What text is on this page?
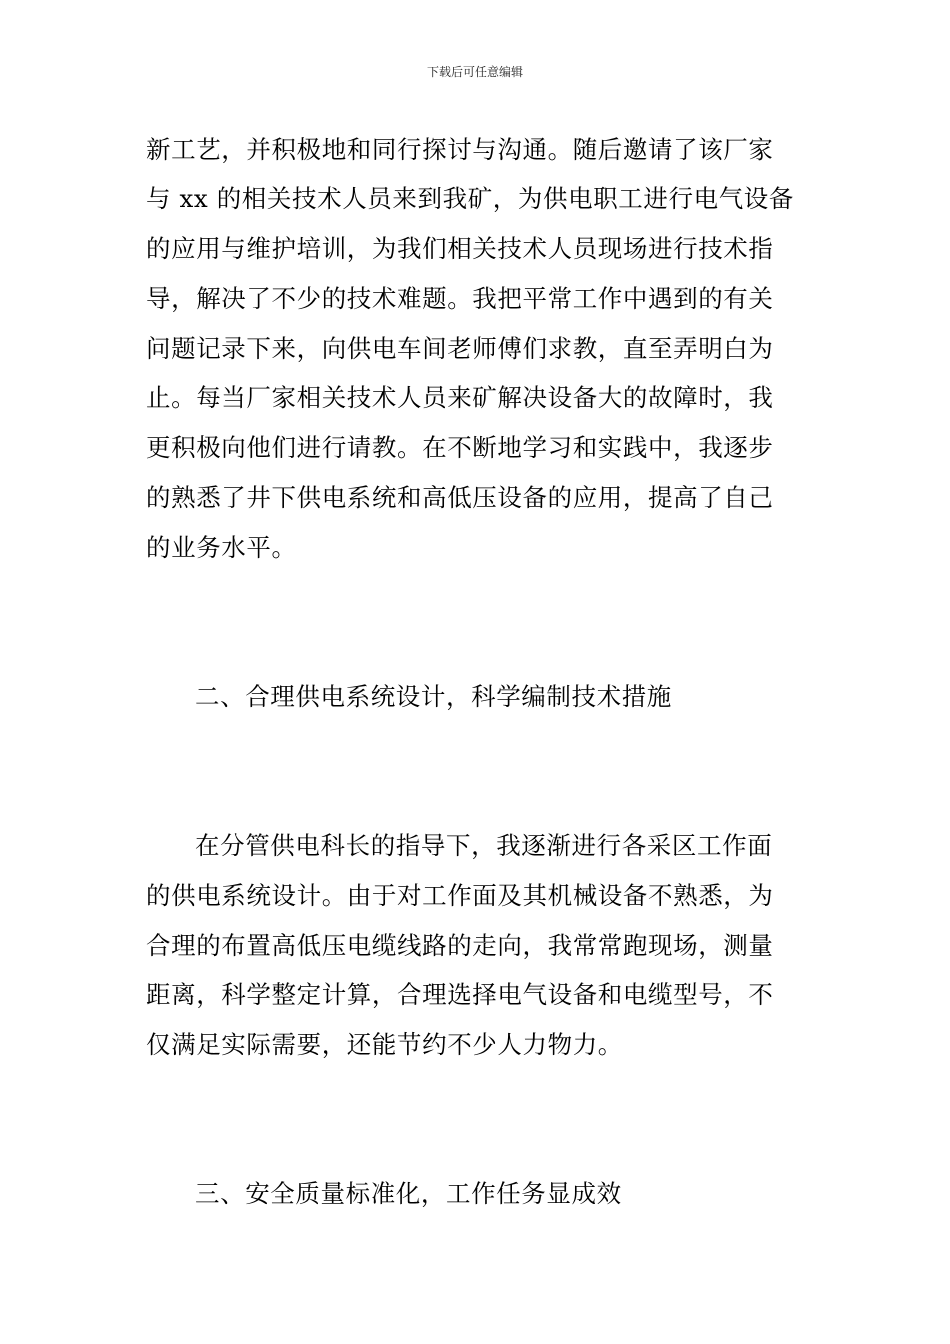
下载后可任意编辑
新工艺，并积极地和同行探讨与沟通。随后邀请了该厂家
与 xx 的相关技术人员来到我矿，为供电职工进行电气设备
的应用与维护培训，为我们相关技术人员现场进行技术指
导，解决了不少的技术难题。我把平常工作中遇到的有关
问题记录下来，向供电车间老师傅们求教，直至弄明白为
止。每当厂家相关技术人员来矿解决设备大的故障时，我
更积极向他们进行请教。在不断地学习和实践中，我逐步
的熟悉了井下供电系统和高低压设备的应用，提高了自己
的业务水平。
二、合理供电系统设计，科学编制技术措施
在分管供电科长的指导下，我逐渐进行各采区工作面
的供电系统设计。由于对工作面及其机械设备不熟悉，为
合理的布置高低压电缆线路的走向，我常常跑现场，测量
距离，科学整定计算，合理选择电气设备和电缆型号，不
仅满足实际需要，还能节约不少人力物力。
三、安全质量标准化，工作任务显成效
